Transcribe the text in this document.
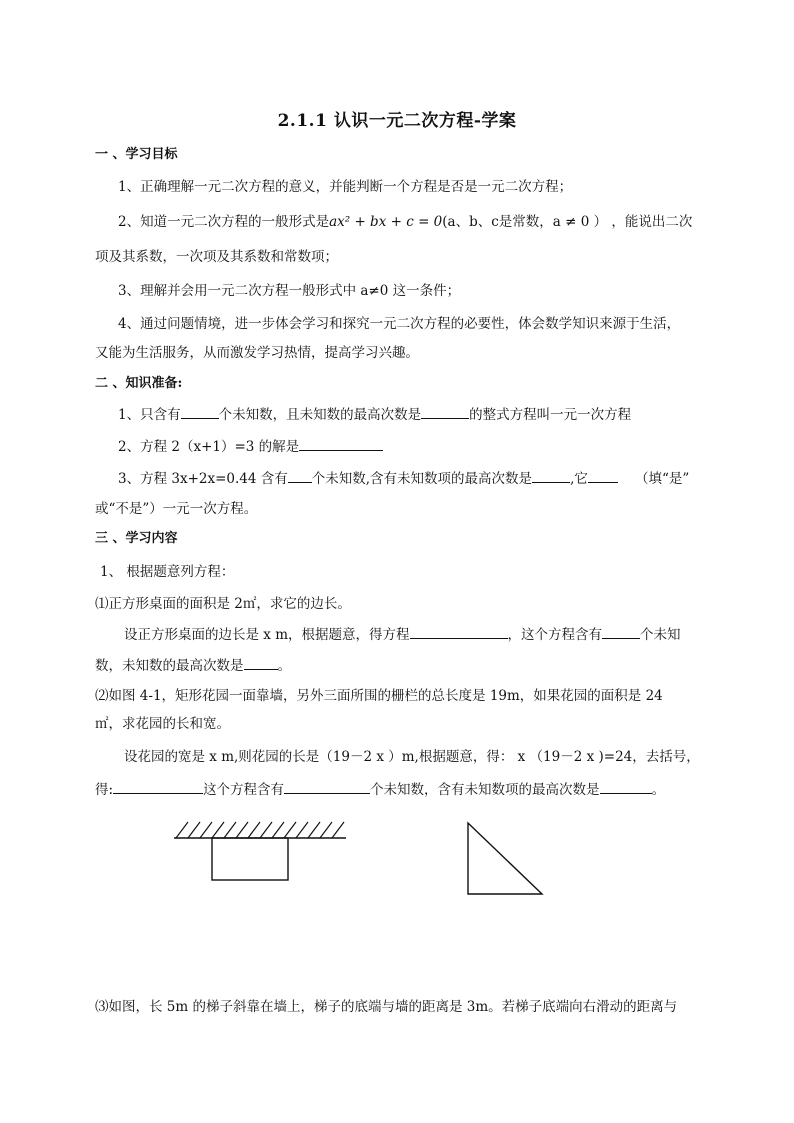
2.1.1 认识一元二次方程-学案
一 、学习目标
1、正确理解一元二次方程的意义，并能判断一个方程是否是一元二次方程；
2、知道一元二次方程的一般形式是ax² + bx + c = 0(a、b、c是常数，a ≠ 0 ） ，能说出二次
项及其系数，一次项及其系数和常数项；
3、理解并会用一元二次方程一般形式中 a≠0 这一条件；
4、通过问题情境，进一步体会学习和探究一元二次方程的必要性，体会数学知识来源于生活，
又能为生活服务，从而激发学习热情，提高学习兴趣。
二 、知识准备:
1、只含有	个未知数，且未知数的最高次数是	的整式方程叫一元一次方程
2、方程 2（x+1）=3 的解是
3、方程 3x+2x=0.44 含有 个未知数,含有未知数项的最高次数是	,它	（填“是”
或“不是”）一元一次方程。
三 、学习内容
1、 根据题意列方程：
⑴正方形桌面的面积是 2㎡，求它的边长。
设正方形桌面的边长是 x m，根据题意，得方程	，这个方程含有	个未知
数，未知数的最高次数是	。
⑵如图 4-1，矩形花园一面靠墙，另外三面所围的栅栏的总长度是 19m，如果花园的面积是 24
㎡，求花园的长和宽。
设花园的宽是 x m,则花园的长是（19－2 x ）m,根据题意，得： x （19－2 x )=24，去括号，
得:	这个方程含有	个未知数，含有未知数项的最高次数是	。
⑶如图，长 5m 的梯子斜靠在墙上，梯子的底端与墙的距离是 3m。若梯子底端向右滑动的距离与
